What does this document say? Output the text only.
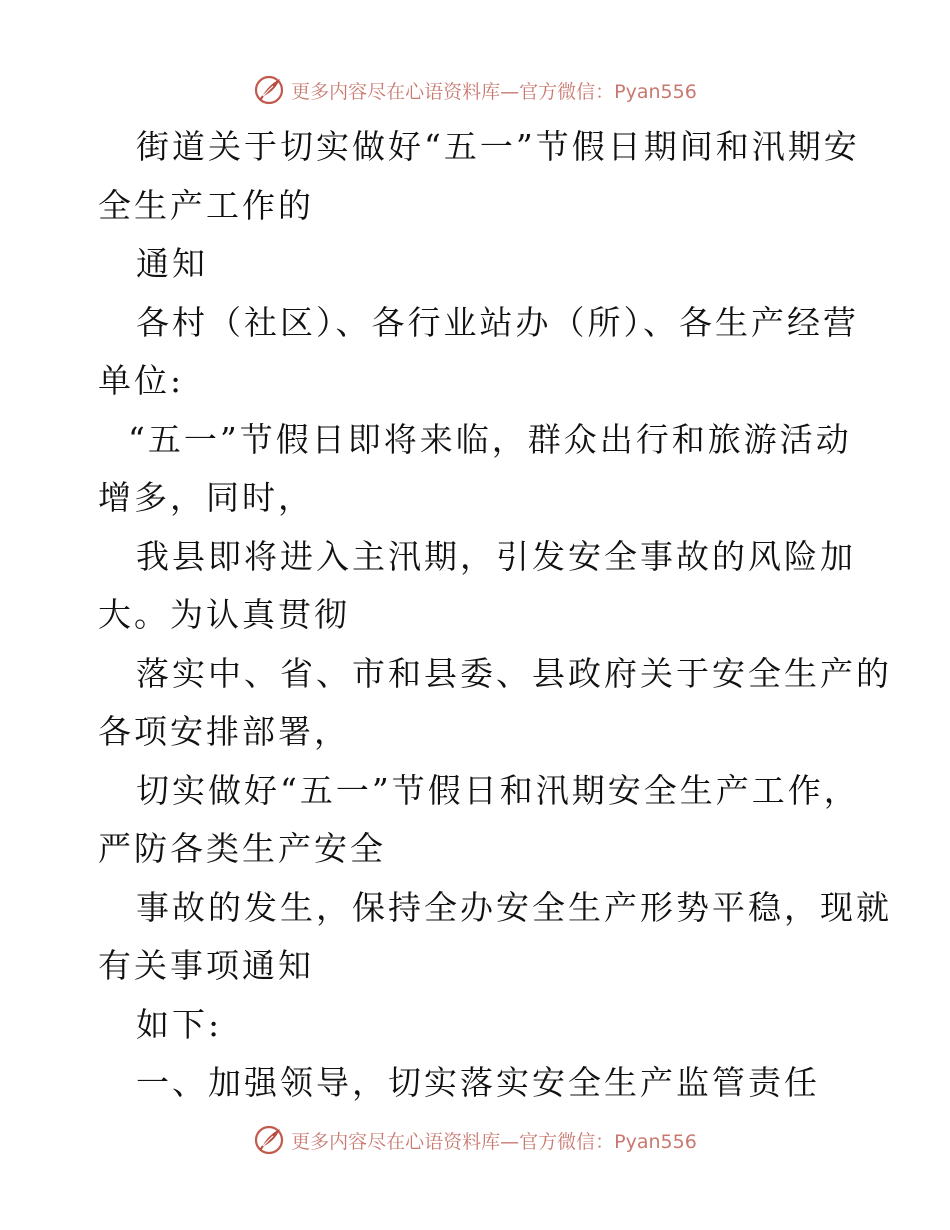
更多内容尽在心语资料库—官方微信：Pyan556
街道关于切实做好“五一”节假日期间和汛期安
全生产工作的
通知
各村（社区）、各行业站办（所）、各生产经营
单位:
“五一”节假日即将来临，群众出行和旅游活动
增多，同时，
我县即将进入主汛期，引发安全事故的风险加
大。为认真贯彻
落实中、省、市和县委、县政府关于安全生产的
各项安排部署，
切实做好“五一”节假日和汛期安全生产工作，
严防各类生产安全
事故的发生，保持全办安全生产形势平稳，现就
有关事项通知
如下:
一、加强领导，切实落实安全生产监管责任
更多内容尽在心语资料库—官方微信：Pyan556
